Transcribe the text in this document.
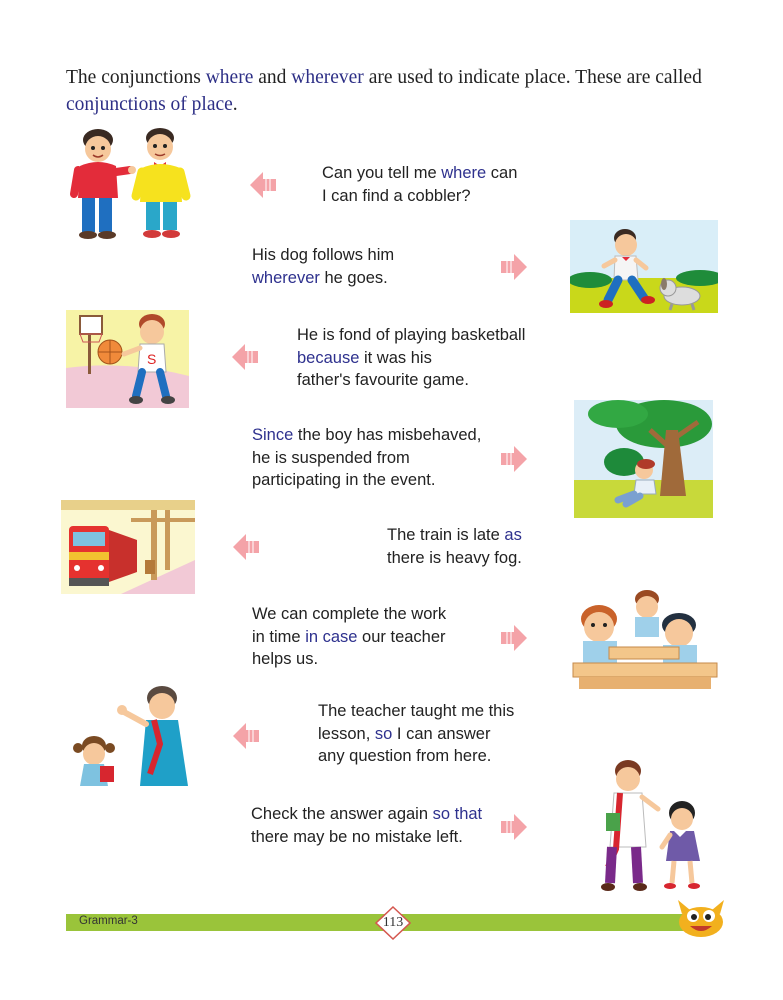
The conjunctions where and wherever are used to indicate place. These are called conjunctions of place.
Can you tell me where can
I can find a cobbler?
His dog follows him
wherever he goes.
S
He is fond of playing basketball
because it was his
father's favourite game.
Since the boy has misbehaved,
he is suspended from
participating in the event.
The train is late as
there is heavy fog.
We can complete the work
in time in case our teacher
helps us.
The teacher taught me this
lesson, so I can answer
any question from here.
Check the answer again so that
there may be no mistake left.
Grammar-3	113
